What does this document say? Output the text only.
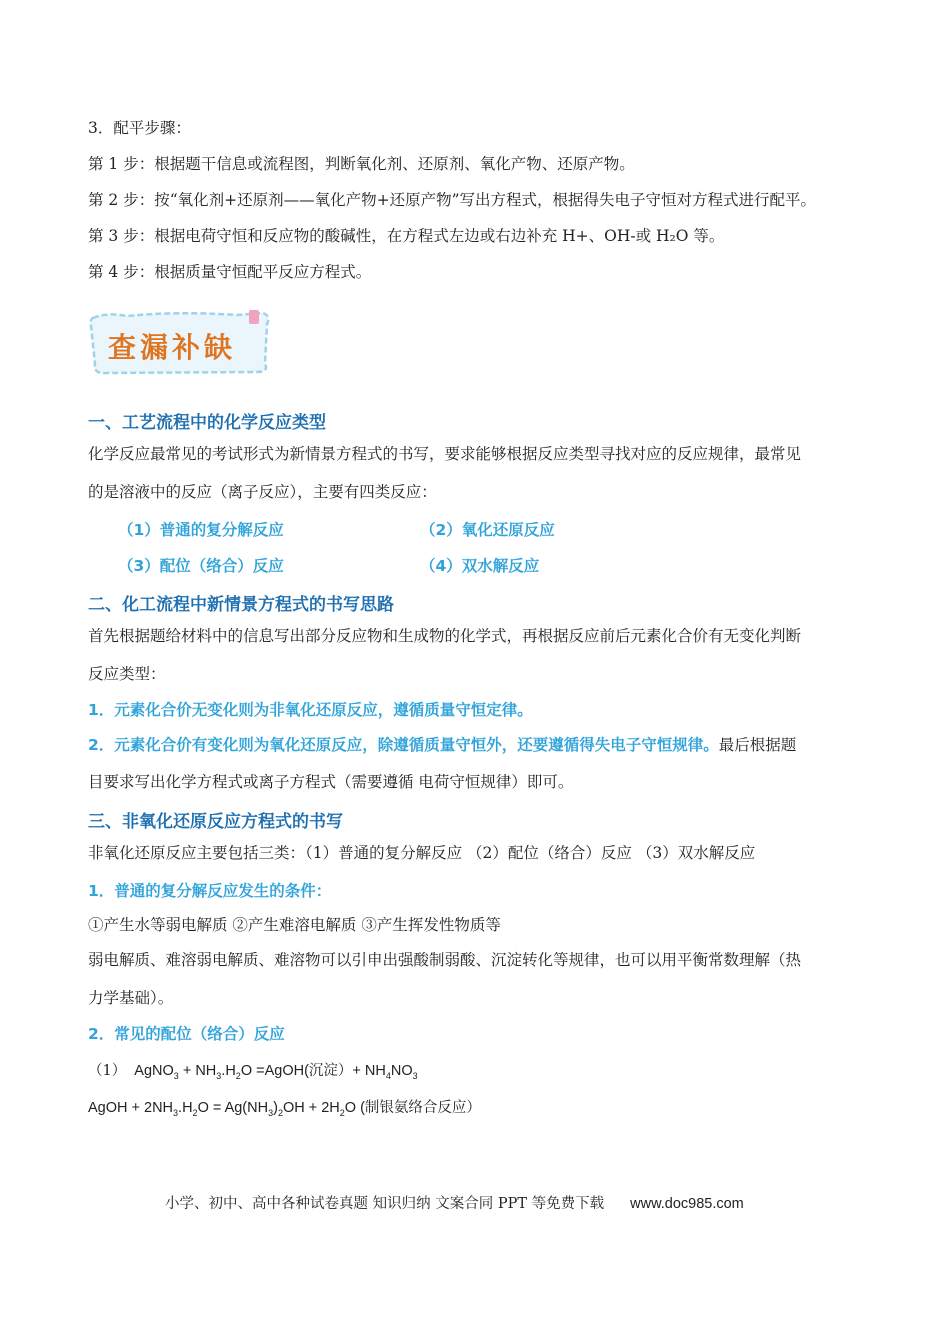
3．配平步骤：
第 1 步：根据题干信息或流程图，判断氧化剂、还原剂、氧化产物、还原产物。
第 2 步：按“氧化剂+还原剂——氧化产物+还原产物”写出方程式，根据得失电子守恒对方程式进行配平。
第 3 步：根据电荷守恒和反应物的酸碱性，在方程式左边或右边补充 H+、OH-或 H₂O 等。
第 4 步：根据质量守恒配平反应方程式。
查漏补缺
一、工艺流程中的化学反应类型
化学反应最常见的考试形式为新情景方程式的书写，要求能够根据反应类型寻找对应的反应规律，最常见
的是溶液中的反应（离子反应），主要有四类反应：
（1）普通的复分解反应	（2）氧化还原反应
（3）配位（络合）反应	（4）双水解反应
二、化工流程中新情景方程式的书写思路
首先根据题给材料中的信息写出部分反应物和生成物的化学式，再根据反应前后元素化合价有无变化判断
反应类型：
1．元素化合价无变化则为非氧化还原反应，遵循质量守恒定律。
2．元素化合价有变化则为氧化还原反应，除遵循质量守恒外，还要遵循得失电子守恒规律。最后根据题
目要求写出化学方程式或离子方程式（需要遵循 电荷守恒规律）即可。
三、非氧化还原反应方程式的书写
非氧化还原反应主要包括三类：（1）普通的复分解反应 （2）配位（络合）反应 （3）双水解反应
1．普通的复分解反应发生的条件：
①产生水等弱电解质 ②产生难溶电解质 ③产生挥发性物质等
弱电解质、难溶弱电解质、难溶物可以引申出强酸制弱酸、沉淀转化等规律，也可以用平衡常数理解（热
力学基础）。
2．常见的配位（络合）反应
（1） AgNO$_3$ + $NH_3.H_2O$ =AgOH(沉淀）+ $NH_4NO_3$
AgOH + $2NH_3.H_2O = Ag(NH_3)_2OH + 2H_2O$ (制银氨络合反应）
小学、初中、高中各种试卷真题 知识归纳 文案合同 PPT 等免费下载 www.doc985.com
